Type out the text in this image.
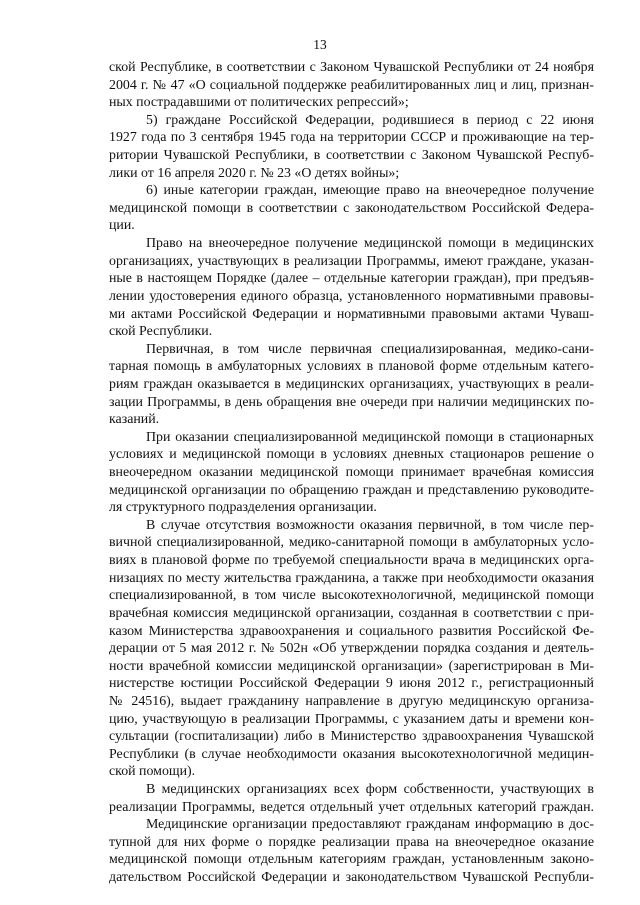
13
ской Республике, в соответствии с Законом Чувашской Республики от 24 ноября
2004 г. № 47 «О социальной поддержке реабилитированных лиц и лиц, признан-
ных пострадавшими от политических репрессий»;
5) граждане Российской Федерации, родившиеся в период с 22 июня
1927 года по 3 сентября 1945 года на территории СССР и проживающие на тер-
ритории Чувашской Республики, в соответствии с Законом Чувашской Респуб-
лики от 16 апреля 2020 г. № 23 «О детях войны»;
6) иные категории граждан, имеющие право на внеочередное получение
медицинской помощи в соответствии с законодательством Российской Федера-
ции.
Право на внеочередное получение медицинской помощи в медицинских
организациях, участвующих в реализации Программы, имеют граждане, указан-
ные в настоящем Порядке (далее – отдельные категории граждан), при предъяв-
лении удостоверения единого образца, установленного нормативными правовы-
ми актами Российской Федерации и нормативными правовыми актами Чуваш-
ской Республики.
Первичная, в том числе первичная специализированная, медико-сани-
тарная помощь в амбулаторных условиях в плановой форме отдельным катего-
риям граждан оказывается в медицинских организациях, участвующих в реали-
зации Программы, в день обращения вне очереди при наличии медицинских по-
казаний.
При оказании специализированной медицинской помощи в стационарных
условиях и медицинской помощи в условиях дневных стационаров решение о
внеочередном оказании медицинской помощи принимает врачебная комиссия
медицинской организации по обращению граждан и представлению руководите-
ля структурного подразделения организации.
В случае отсутствия возможности оказания первичной, в том числе пер-
вичной специализированной, медико-санитарной помощи в амбулаторных усло-
виях в плановой форме по требуемой специальности врача в медицинских орга-
низациях по месту жительства гражданина, а также при необходимости оказания
специализированной, в том числе высокотехнологичной, медицинской помощи
врачебная комиссия медицинской организации, созданная в соответствии с при-
казом Министерства здравоохранения и социального развития Российской Фе-
дерации от 5 мая 2012 г. № 502н «Об утверждении порядка создания и деятель-
ности врачебной комиссии медицинской организации» (зарегистрирован в Ми-
нистерстве юстиции Российской Федерации 9 июня 2012 г., регистрационный
№ 24516), выдает гражданину направление в другую медицинскую организа-
цию, участвующую в реализации Программы, с указанием даты и времени кон-
сультации (госпитализации) либо в Министерство здравоохранения Чувашской
Республики (в случае необходимости оказания высокотехнологичной медицин-
ской помощи).
В медицинских организациях всех форм собственности, участвующих в
реализации Программы, ведется отдельный учет отдельных категорий граждан.
Медицинские организации предоставляют гражданам информацию в дос-
тупной для них форме о порядке реализации права на внеочередное оказание
медицинской помощи отдельным категориям граждан, установленным законо-
дательством Российской Федерации и законодательством Чувашской Республи-
